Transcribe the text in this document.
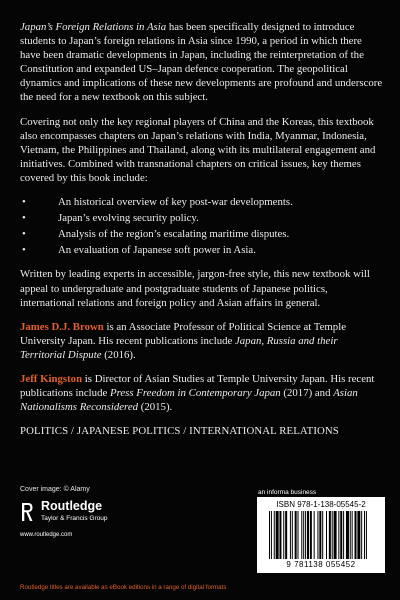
Japan’s Foreign Relations in Asia has been specifically designed to introduce students to Japan’s foreign relations in Asia since 1990, a period in which there have been dramatic developments in Japan, including the reinterpretation of the Constitution and expanded US–Japan defence cooperation. The geopolitical dynamics and implications of these new developments are profound and underscore the need for a new textbook on this subject.

Covering not only the key regional players of China and the Koreas, this textbook also encompasses chapters on Japan’s relations with India, Myanmar, Indonesia, Vietnam, the Philippines and Thailand, along with its multilateral engagement and initiatives. Combined with transnational chapters on critical issues, key themes covered by this book include:

• An historical overview of key post-war developments.
• Japan’s evolving security policy.
• Analysis of the region’s escalating maritime disputes.
• An evaluation of Japanese soft power in Asia.

Written by leading experts in accessible, jargon-free style, this new textbook will appeal to undergraduate and postgraduate students of Japanese politics, international relations and foreign policy and Asian affairs in general.

James D.J. Brown is an Associate Professor of Political Science at Temple University Japan. His recent publications include Japan, Russia and their Territorial Dispute (2016).

Jeff Kingston is Director of Asian Studies at Temple University Japan. His recent publications include Press Freedom in Contemporary Japan (2017) and Asian Nationalisms Reconsidered (2015).

POLITICS / JAPANESE POLITICS / INTERNATIONAL RELATIONS

Cover image: © Alamy
Routledge
Taylor & Francis Group
www.routledge.com
an informa business
ISBN 978-1-138-05545-2
9 781138 055452
Routledge titles are available as eBook editions in a range of digital formats
